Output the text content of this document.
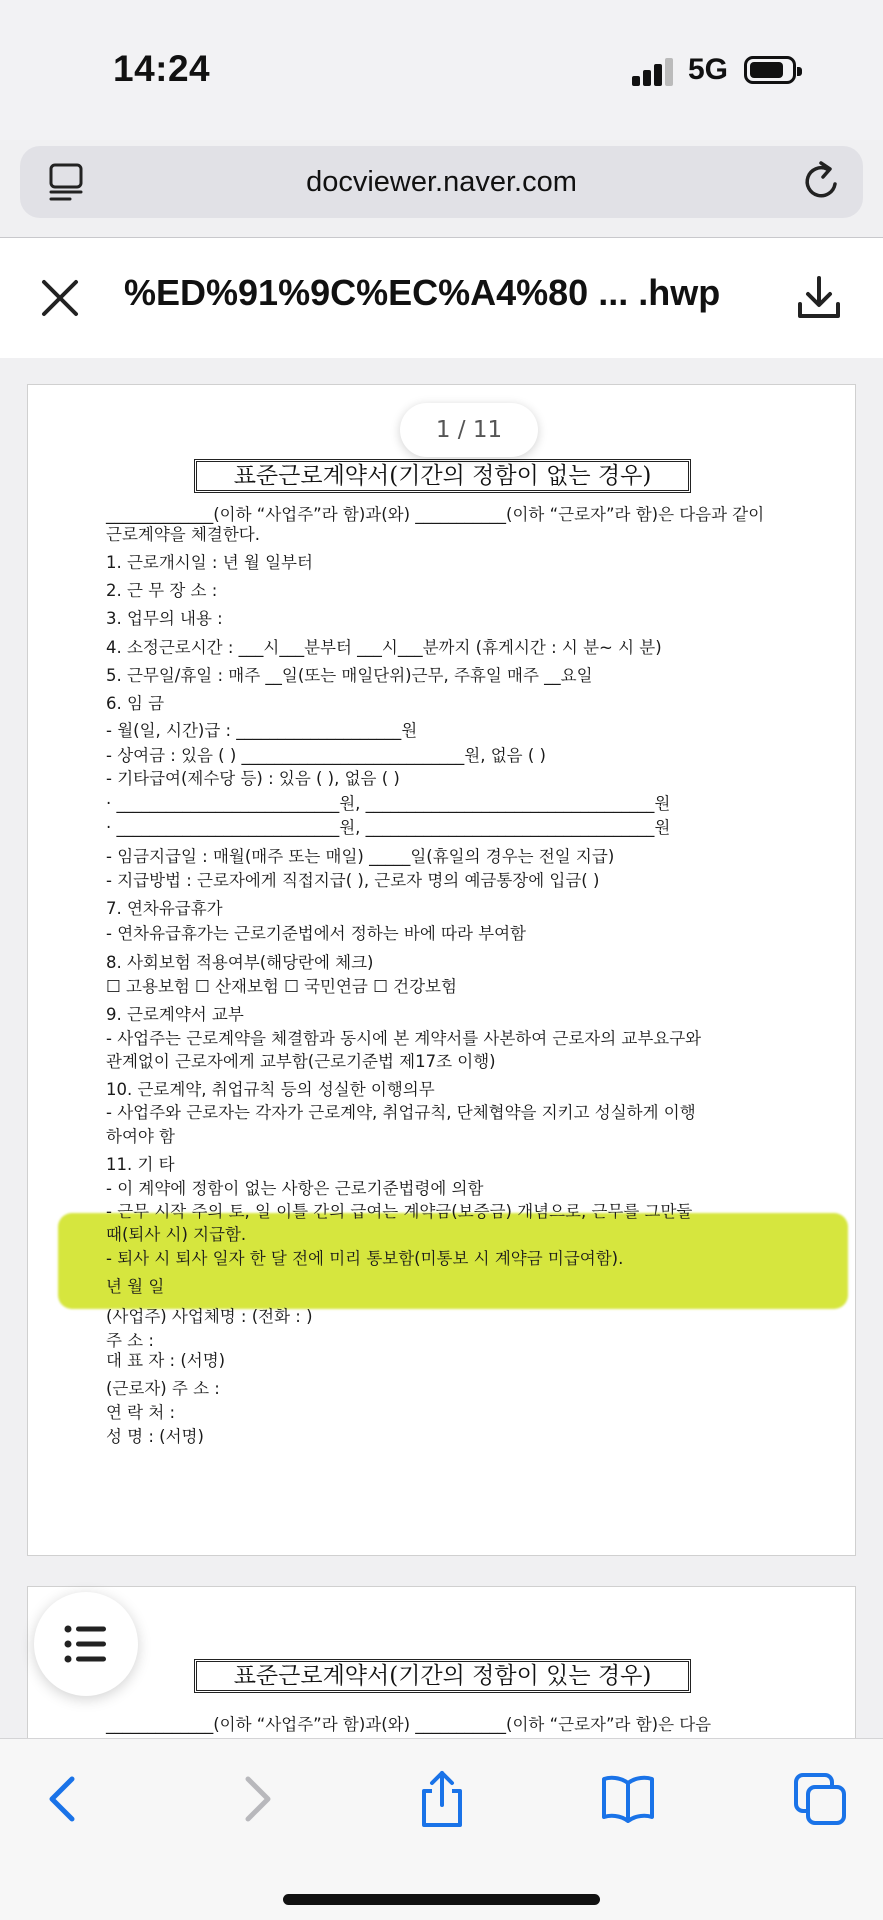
14:24	5G
docviewer.naver.com
%ED%91%9C%EC%A4%80 ... .hwp
1 / 11
표준근로계약서(기간의 정함이 없는 경우)
_____________(이하 “사업주”라 함)과(와) ___________(이하 “근로자”라 함)은 다음과 같이
근로계약을 체결한다.
1. 근로개시일 : 년 월 일부터
2. 근 무 장 소 :
3. 업무의 내용 :
4. 소정근로시간 : ___시___분부터 ___시___분까지 (휴게시간 : 시 분~ 시 분)
5. 근무일/휴일 : 매주 __일(또는 매일단위)근무, 주휴일 매주 __요일
6. 임 금
- 월(일, 시간)급 : ____________________원
- 상여금 : 있음 ( ) ___________________________원, 없음 ( )
- 기타급여(제수당 등) : 있음 ( ), 없음 ( )
· ___________________________원, ___________________________________원
· ___________________________원, ___________________________________원
- 임금지급일 : 매월(매주 또는 매일) _____일(휴일의 경우는 전일 지급)
- 지급방법 : 근로자에게 직접지급( ), 근로자 명의 예금통장에 입금( )
7. 연차유급휴가
- 연차유급휴가는 근로기준법에서 정하는 바에 따라 부여함
8. 사회보험 적용여부(해당란에 체크)
☐ 고용보험 ☐ 산재보험 ☐ 국민연금 ☐ 건강보험
9. 근로계약서 교부
- 사업주는 근로계약을 체결함과 동시에 본 계약서를 사본하여 근로자의 교부요구와
관계없이 근로자에게 교부함(근로기준법 제17조 이행)
10. 근로계약, 취업규칙 등의 성실한 이행의무
- 사업주와 근로자는 각자가 근로계약, 취업규칙, 단체협약을 지키고 성실하게 이행
하여야 함
11. 기 타
- 이 계약에 정함이 없는 사항은 근로기준법령에 의함
- 근무 시작 주의 토, 일 이틀 간의 급여는 계약금(보증금) 개념으로, 근무를 그만둘
때(퇴사 시) 지급함.
- 퇴사 시 퇴사 일자 한 달 전에 미리 통보함(미통보 시 계약금 미급여함).
년 월 일
(사업주) 사업체명 : (전화 : )
주 소 :
대 표 자 : (서명)
(근로자) 주 소 :
연 락 처 :
성 명 : (서명)
표준근로계약서(기간의 정함이 있는 경우)
_____________(이하 “사업주”라 함)과(와) ___________(이하 “근로자”라 함)은 다음
